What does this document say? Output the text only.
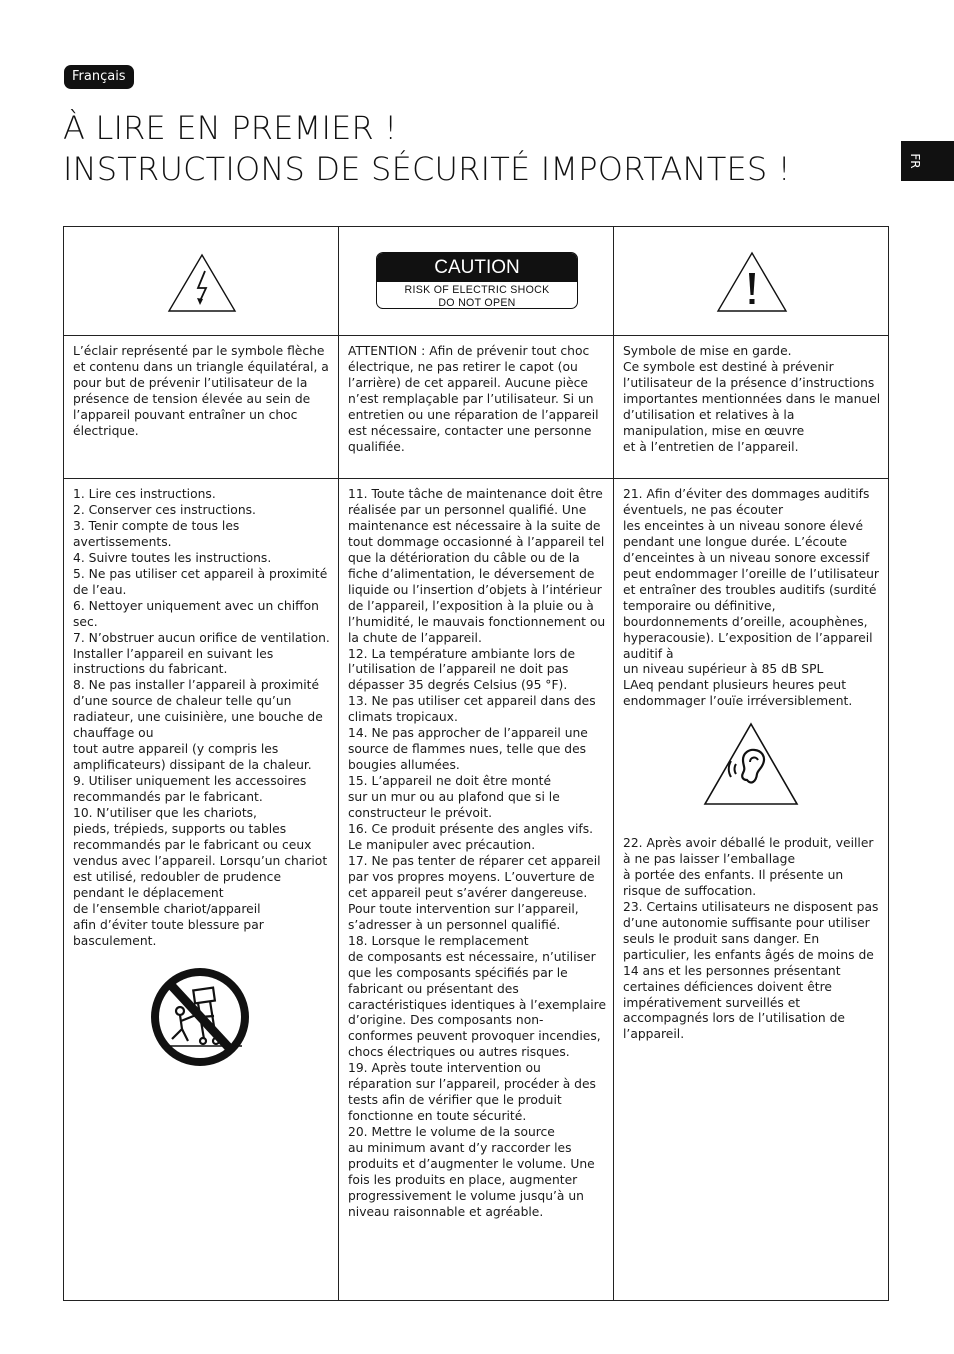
Français
À LIRE EN PREMIER !
INSTRUCTIONS DE SÉCURITÉ IMPORTANTES !	FR
CAUTION
RISK OF ELECTRIC SHOCK
DO NOT OPEN
L’éclair représenté par le symbole flèche et contenu dans un triangle équilatéral, a pour but de prévenir l’utilisateur de la présence de tension élevée au sein de l’appareil pouvant entraîner un choc électrique.
ATTENTION : Afin de prévenir tout choc électrique, ne pas retirer le capot (ou l’arrière) de cet appareil. Aucune pièce n’est remplaçable par l’utilisateur. Si un entretien ou une réparation de l’appareil est nécessaire, contacter une personne qualifiée.
Symbole de mise en garde.
Ce symbole est destiné à prévenir l’utilisateur de la présence d’instructions importantes mentionnées dans le manuel d’utilisation et relatives à la manipulation, mise en œuvre
et à l’entretien de l’appareil.
1. Lire ces instructions.
2. Conserver ces instructions.
3. Tenir compte de tous les avertissements.
4. Suivre toutes les instructions.
5. Ne pas utiliser cet appareil à proximité de l’eau.
6. Nettoyer uniquement avec un chiffon sec.
7. N’obstruer aucun orifice de ventilation. Installer l’appareil en suivant les instructions du fabricant.
8. Ne pas installer l’appareil à proximité d’une source de chaleur telle qu’un radiateur, une cuisinière, une bouche de chauffage ou
tout autre appareil (y compris les amplificateurs) dissipant de la chaleur.
9. Utiliser uniquement les accessoires recommandés par le fabricant.
10. N’utiliser que les chariots,
pieds, trépieds, supports ou tables recommandés par le fabricant ou ceux vendus avec l’appareil. Lorsqu’un chariot est utilisé, redoubler de prudence pendant le déplacement
de l’ensemble chariot/appareil
afin d’éviter toute blessure par basculement.
11. Toute tâche de maintenance doit être réalisée par un personnel qualifié. Une maintenance est nécessaire à la suite de tout dommage occasionné à l’appareil tel que la détérioration du câble ou de la fiche d’alimentation, le déversement de liquide ou l’insertion d’objets à l’intérieur de l’appareil, l’exposition à la pluie ou à l’humidité, le mauvais fonctionnement ou la chute de l’appareil.
12. La température ambiante lors de l’utilisation de l’appareil ne doit pas dépasser 35 degrés Celsius (95 °F).
13. Ne pas utiliser cet appareil dans des climats tropicaux.
14. Ne pas approcher de l’appareil une source de flammes nues, telle que des bougies allumées.
15. L’appareil ne doit être monté
sur un mur ou au plafond que si le constructeur le prévoit.
16. Ce produit présente des angles vifs. Le manipuler avec précaution.
17. Ne pas tenter de réparer cet appareil par vos propres moyens. L’ouverture de cet appareil peut s’avérer dangereuse. Pour toute intervention sur l’appareil, s’adresser à un personnel qualifié.
18. Lorsque le remplacement
de composants est nécessaire, n’utiliser que les composants spécifiés par le fabricant ou présentant des caractéristiques identiques à l’exemplaire d’origine. Des composants non-conformes peuvent provoquer incendies, chocs électriques ou autres risques.
19. Après toute intervention ou réparation sur l’appareil, procéder à des tests afin de vérifier que le produit fonctionne en toute sécurité.
20. Mettre le volume de la source
au minimum avant d’y raccorder les produits et d’augmenter le volume. Une fois les produits en place, augmenter progressivement le volume jusqu’à un niveau raisonnable et agréable.
21. Afin d’éviter des dommages auditifs éventuels, ne pas écouter
les enceintes à un niveau sonore élevé pendant une longue durée. L’écoute d’enceintes à un niveau sonore excessif peut endommager l’oreille de l’utilisateur et entraîner des troubles auditifs (surdité temporaire ou définitive, bourdonnements d’oreille, acouphènes, hyperacousie). L’exposition de l’appareil auditif à
un niveau supérieur à 85 dB SPL
LAeq pendant plusieurs heures peut endommager l’ouïe irréversiblement.
22. Après avoir déballé le produit, veiller à ne pas laisser l’emballage
à portée des enfants. Il présente un risque de suffocation.
23. Certains utilisateurs ne disposent pas d’une autonomie suffisante pour utiliser seuls le produit sans danger. En particulier, les enfants âgés de moins de 14 ans et les personnes présentant certaines déficiences doivent être impérativement surveillés et accompagnés lors de l’utilisation de l’appareil.
